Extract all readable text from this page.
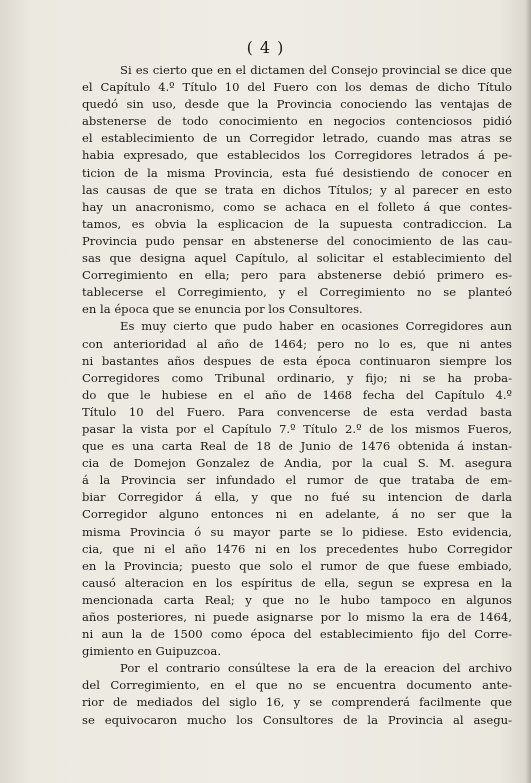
( 4 )
Si es cierto que en el dictamen del Consejo provincial se dice que
el Capítulo 4.º Título 10 del Fuero con los demas de dicho Título
quedó sin uso, desde que la Provincia conociendo las ventajas de
abstenerse de todo conocimiento en negocios contenciosos pidió
el establecimiento de un Corregidor letrado, cuando mas atras se
habia expresado, que establecidos los Corregidores letrados á pe-
ticion de la misma Provincia, esta fué desistiendo de conocer en
las causas de que se trata en dichos Títulos; y al parecer en esto
hay un anacronismo, como se achaca en el folleto á que contes-
tamos, es obvia la esplicacion de la supuesta contradiccion. La
Provincia pudo pensar en abstenerse del conocimiento de las cau-
sas que designa aquel Capítulo, al solicitar el establecimiento del
Corregimiento en ella; pero para abstenerse debió primero es-
tablecerse el Corregimiento, y el Corregimiento no se planteó
en la época que se enuncia por los Consultores.
Es muy cierto que pudo haber en ocasiones Corregidores aun
con anterioridad al año de 1464; pero no lo es, que ni antes
ni bastantes años despues de esta época continuaron siempre los
Corregidores como Tribunal ordinario, y fijo; ni se ha proba-
do que le hubiese en el año de 1468 fecha del Capítulo 4.º
Título 10 del Fuero. Para convencerse de esta verdad basta
pasar la vista por el Capítulo 7.º Título 2.º de los mismos Fueros,
que es una carta Real de 18 de Junio de 1476 obtenida á instan-
cia de Domejon Gonzalez de Andia, por la cual S. M. asegura
á la Provincia ser infundado el rumor de que trataba de em-
biar Corregidor á ella, y que no fué su intencion de darla
Corregidor alguno entonces ni en adelante, á no ser que la
misma Provincia ó su mayor parte se lo pidiese. Esto evidencia,
cia, que ni el año 1476 ni en los precedentes hubo Corregidor
en la Provincia; puesto que solo el rumor de que fuese embiado,
causó alteracion en los espíritus de ella, segun se expresa en la
mencionada carta Real; y que no le hubo tampoco en algunos
años posteriores, ni puede asignarse por lo mismo la era de 1464,
ni aun la de 1500 como época del establecimiento fijo del Corre-
gimiento en Guipuzcoa.
Por el contrario consúltese la era de la ereacion del archivo
del Corregimiento, en el que no se encuentra documento ante-
rior de mediados del siglo 16, y se comprenderá facilmente que
se equivocaron mucho los Consultores de la Provincia al asegu-
